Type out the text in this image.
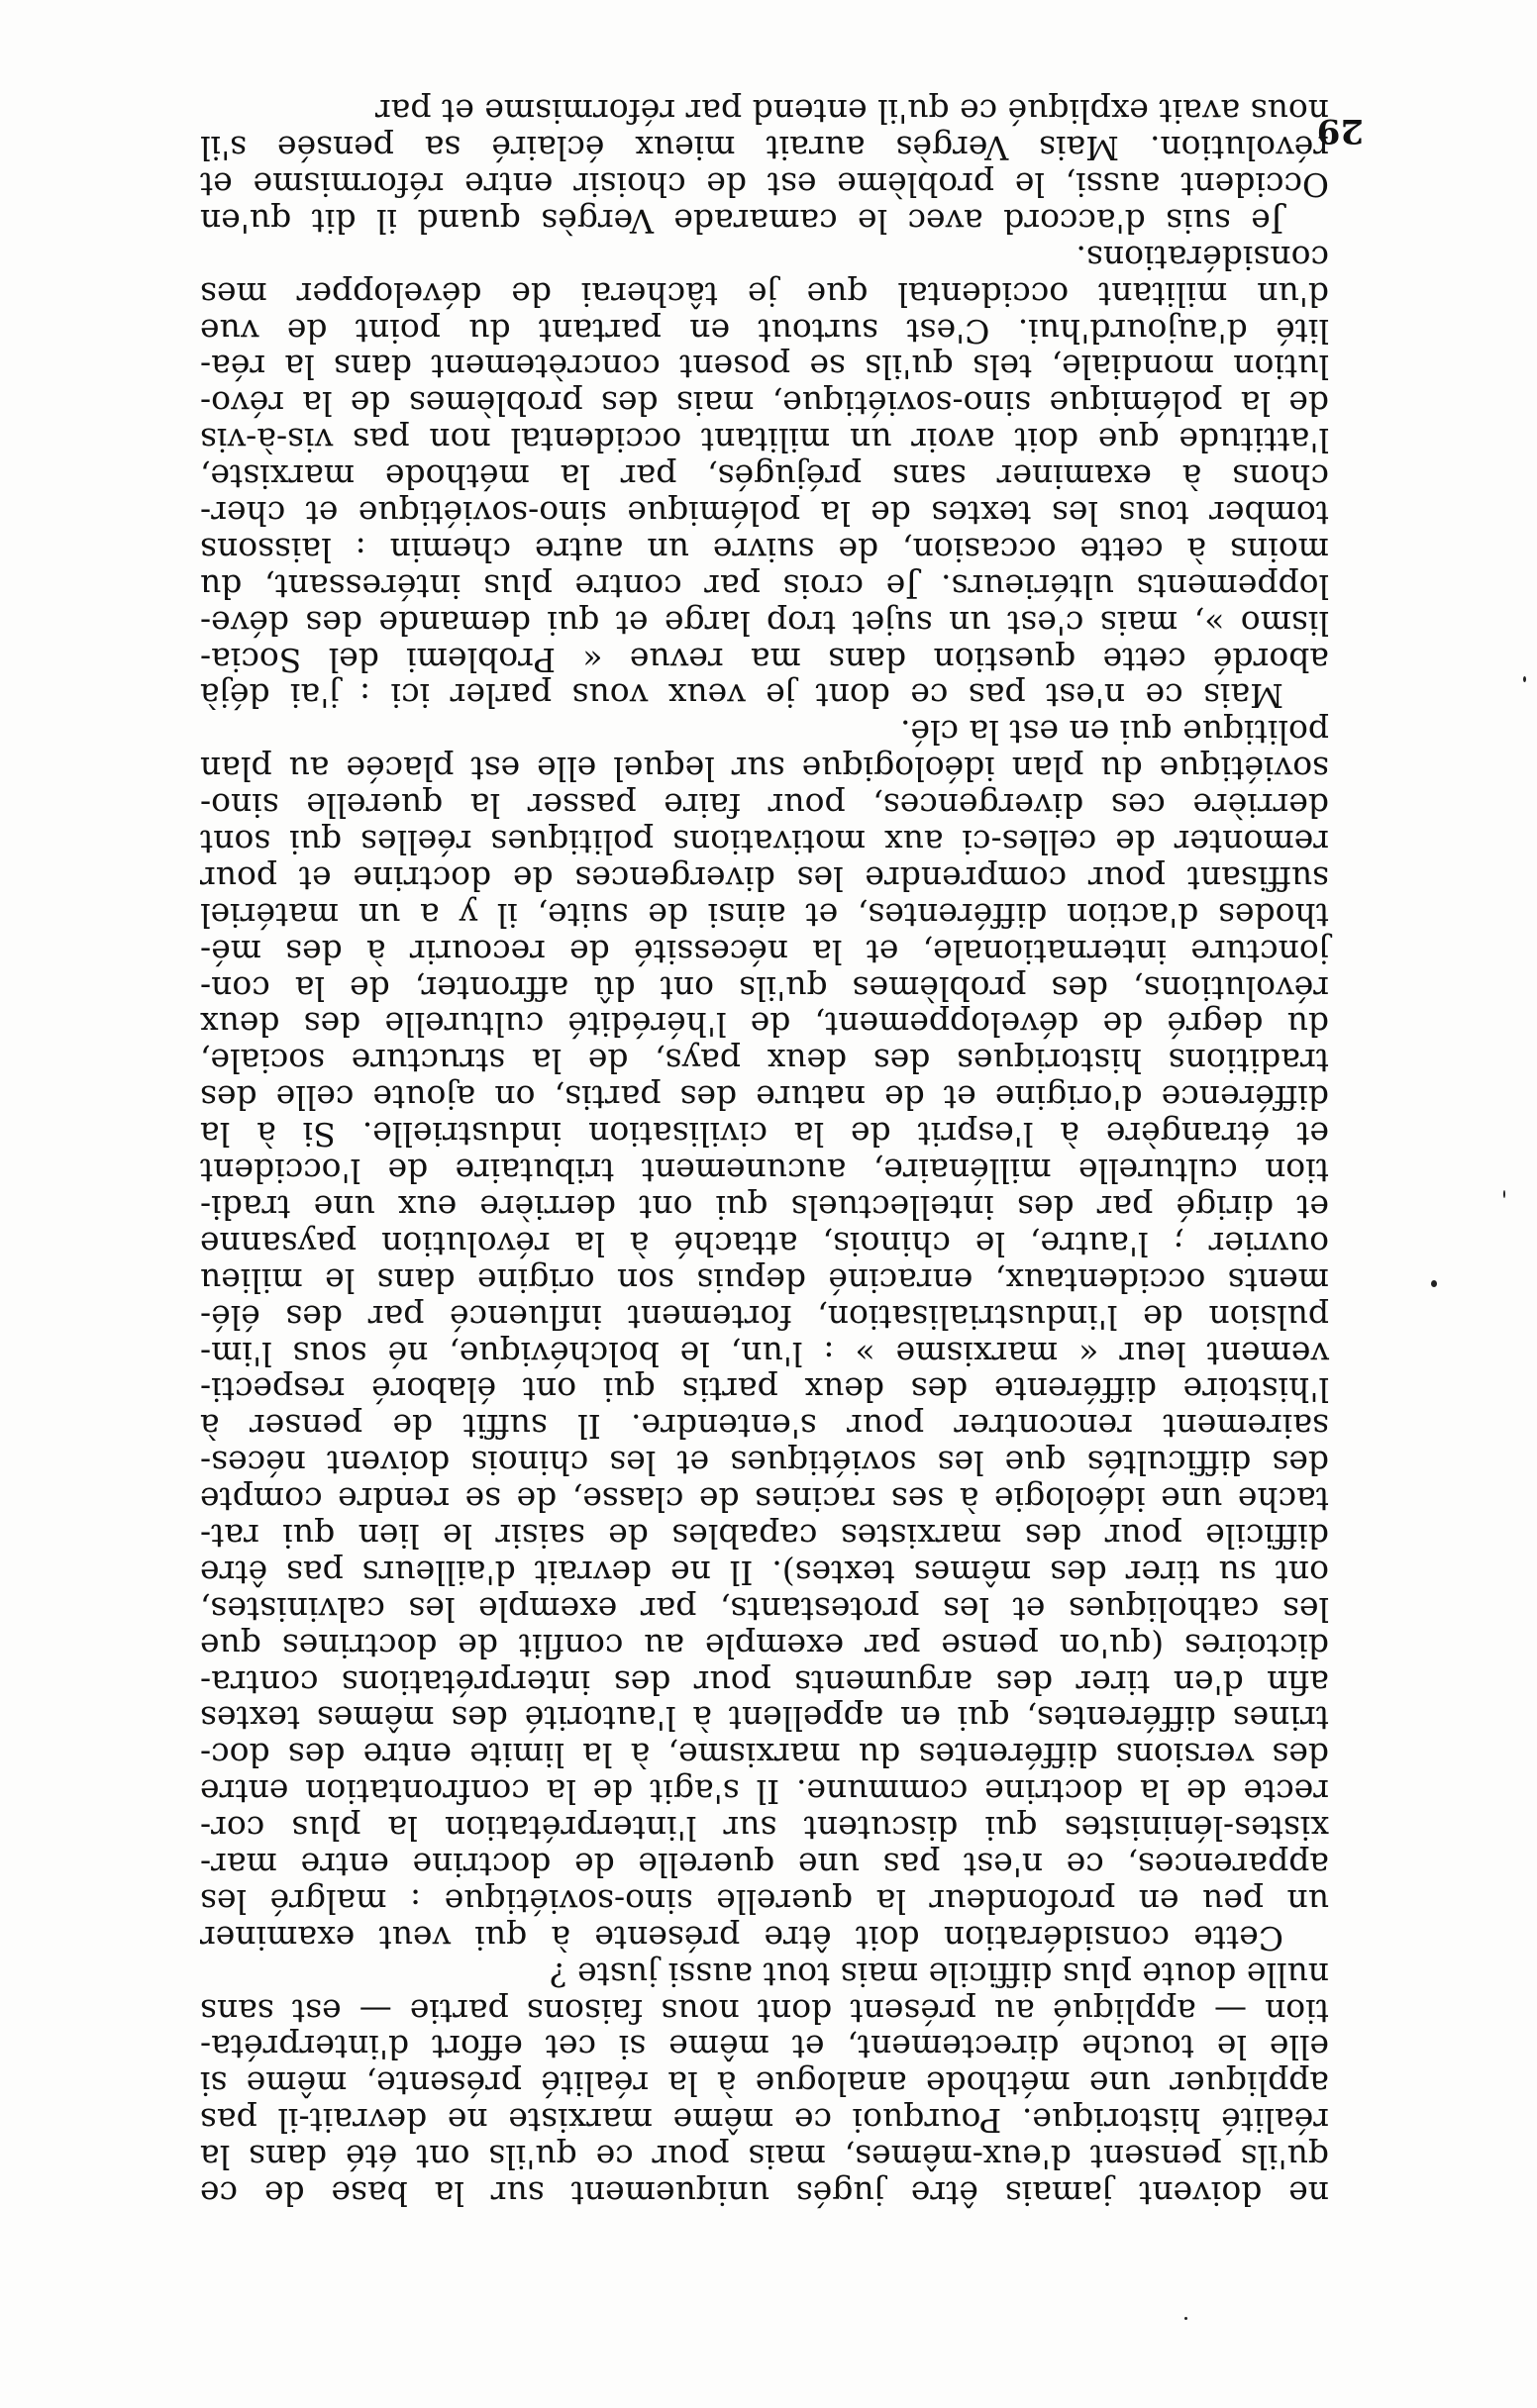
ne doivent jamais être jugés uniquement sur la base de ce
qu'ils pensent d'eux-mêmes, mais pour ce qu'ils ont été dans la
réalité historique. Pourquoi ce même marxiste ne devrait-il pas
appliquer une méthode analogue à la réalité présente, même si
elle le touche directement, et même si cet effort d'interpréta-
tion — appliqué au présent dont nous faisons partie — est sans
nulle doute plus difficile mais tout aussi juste ?
Cette considération doit être présente à qui veut examiner
un peu en profondeur la querelle sino-soviétique : malgré les
apparences, ce n'est pas une querelle de doctrine entre mar-
xistes-léninistes qui discutent sur l'interprétation la plus cor-
recte de la doctrine commune. Il s'agit de la confrontation entre
des versions différentes du marxisme, à la limite entre des doc-
trines différentes, qui en appellent à l'autorité des mêmes textes
afin d'en tirer des arguments pour des interprétations contra-
dictoires (qu'on pense par exemple au conflit de doctrines que
les catholiques et les protestants, par exemple les calvinistes,
ont su tirer des mêmes textes). Il ne devrait d'ailleurs pas être
difficile pour des marxistes capables de saisir le lien qui rat-
tache une idéologie à ses racines de classe, de se rendre compte
des difficultés que les soviétiques et les chinois doivent néces-
sairement rencontrer pour s'entendre. Il suffit de penser à
l'histoire différente des deux partis qui ont élaboré respecti-
vement leur « marxisme » : l'un, le bolchévique, né sous l'im-
pulsion de l'industrialisation, fortement influencé par des élé-
ments occidentaux, enraciné depuis son origine dans le milieu
ouvrier ; l'autre, le chinois, attaché à la révolution paysanne
et dirigé par des intellectuels qui ont derrière eux une tradi-
tion culturelle millénaire, aucunement tributaire de l'occident
et étrangère à l'esprit de la civilisation industrielle. Si à la
différence d'origine et de nature des partis, on ajoute celle des
traditions historiques des deux pays, de la structure sociale,
du degré de développement, de l'hérédité culturelle des deux
révolutions, des problèmes qu'ils ont dû affronter, de la con-
joncture internationale, et la nécessité de recourir à des mé-
thodes d'action différentes, et ainsi de suite, il y a un matériel
suffisant pour comprendre les divergences de doctrine et pour
remonter de celles-ci aux motivations politiques réelles qui sont
derrière ces divergences, pour faire passer la querelle sino-
soviétique du plan idéologique sur lequel elle est placée au plan
politique qui en est la clé.
Mais ce n'est pas ce dont je veux vous parler ici : j'ai déjà
abordé cette question dans ma revue « Problemi del Socia-
lismo », mais c'est un sujet trop large et qui demande des déve-
loppements ultérieurs. Je crois par contre plus intéressant, du
moins à cette occasion, de suivre un autre chemin : laissons
tomber tous les textes de la polémique sino-soviétique et cher-
chons à examiner sans préjugés, par la méthode marxiste,
l'attitude que doit avoir un militant occidental non pas vis-à-vis
de la polémique sino-soviétique, mais des problèmes de la révo-
lution mondiale, tels qu'ils se posent concrètement dans la réa-
lité d'aujourd'hui. C'est surtout en partant du point de vue
d'un militant occidental que je tâcherai de développer mes
considérations.
Je suis d'accord avec le camarade Vergès quand il dit qu'en
Occident aussi, le problème est de choisir entre réformisme et
révolution. Mais Vergès aurait mieux éclairé sa pensée s'il
nous avait expliqué ce qu'il entend par réformisme et par
29
